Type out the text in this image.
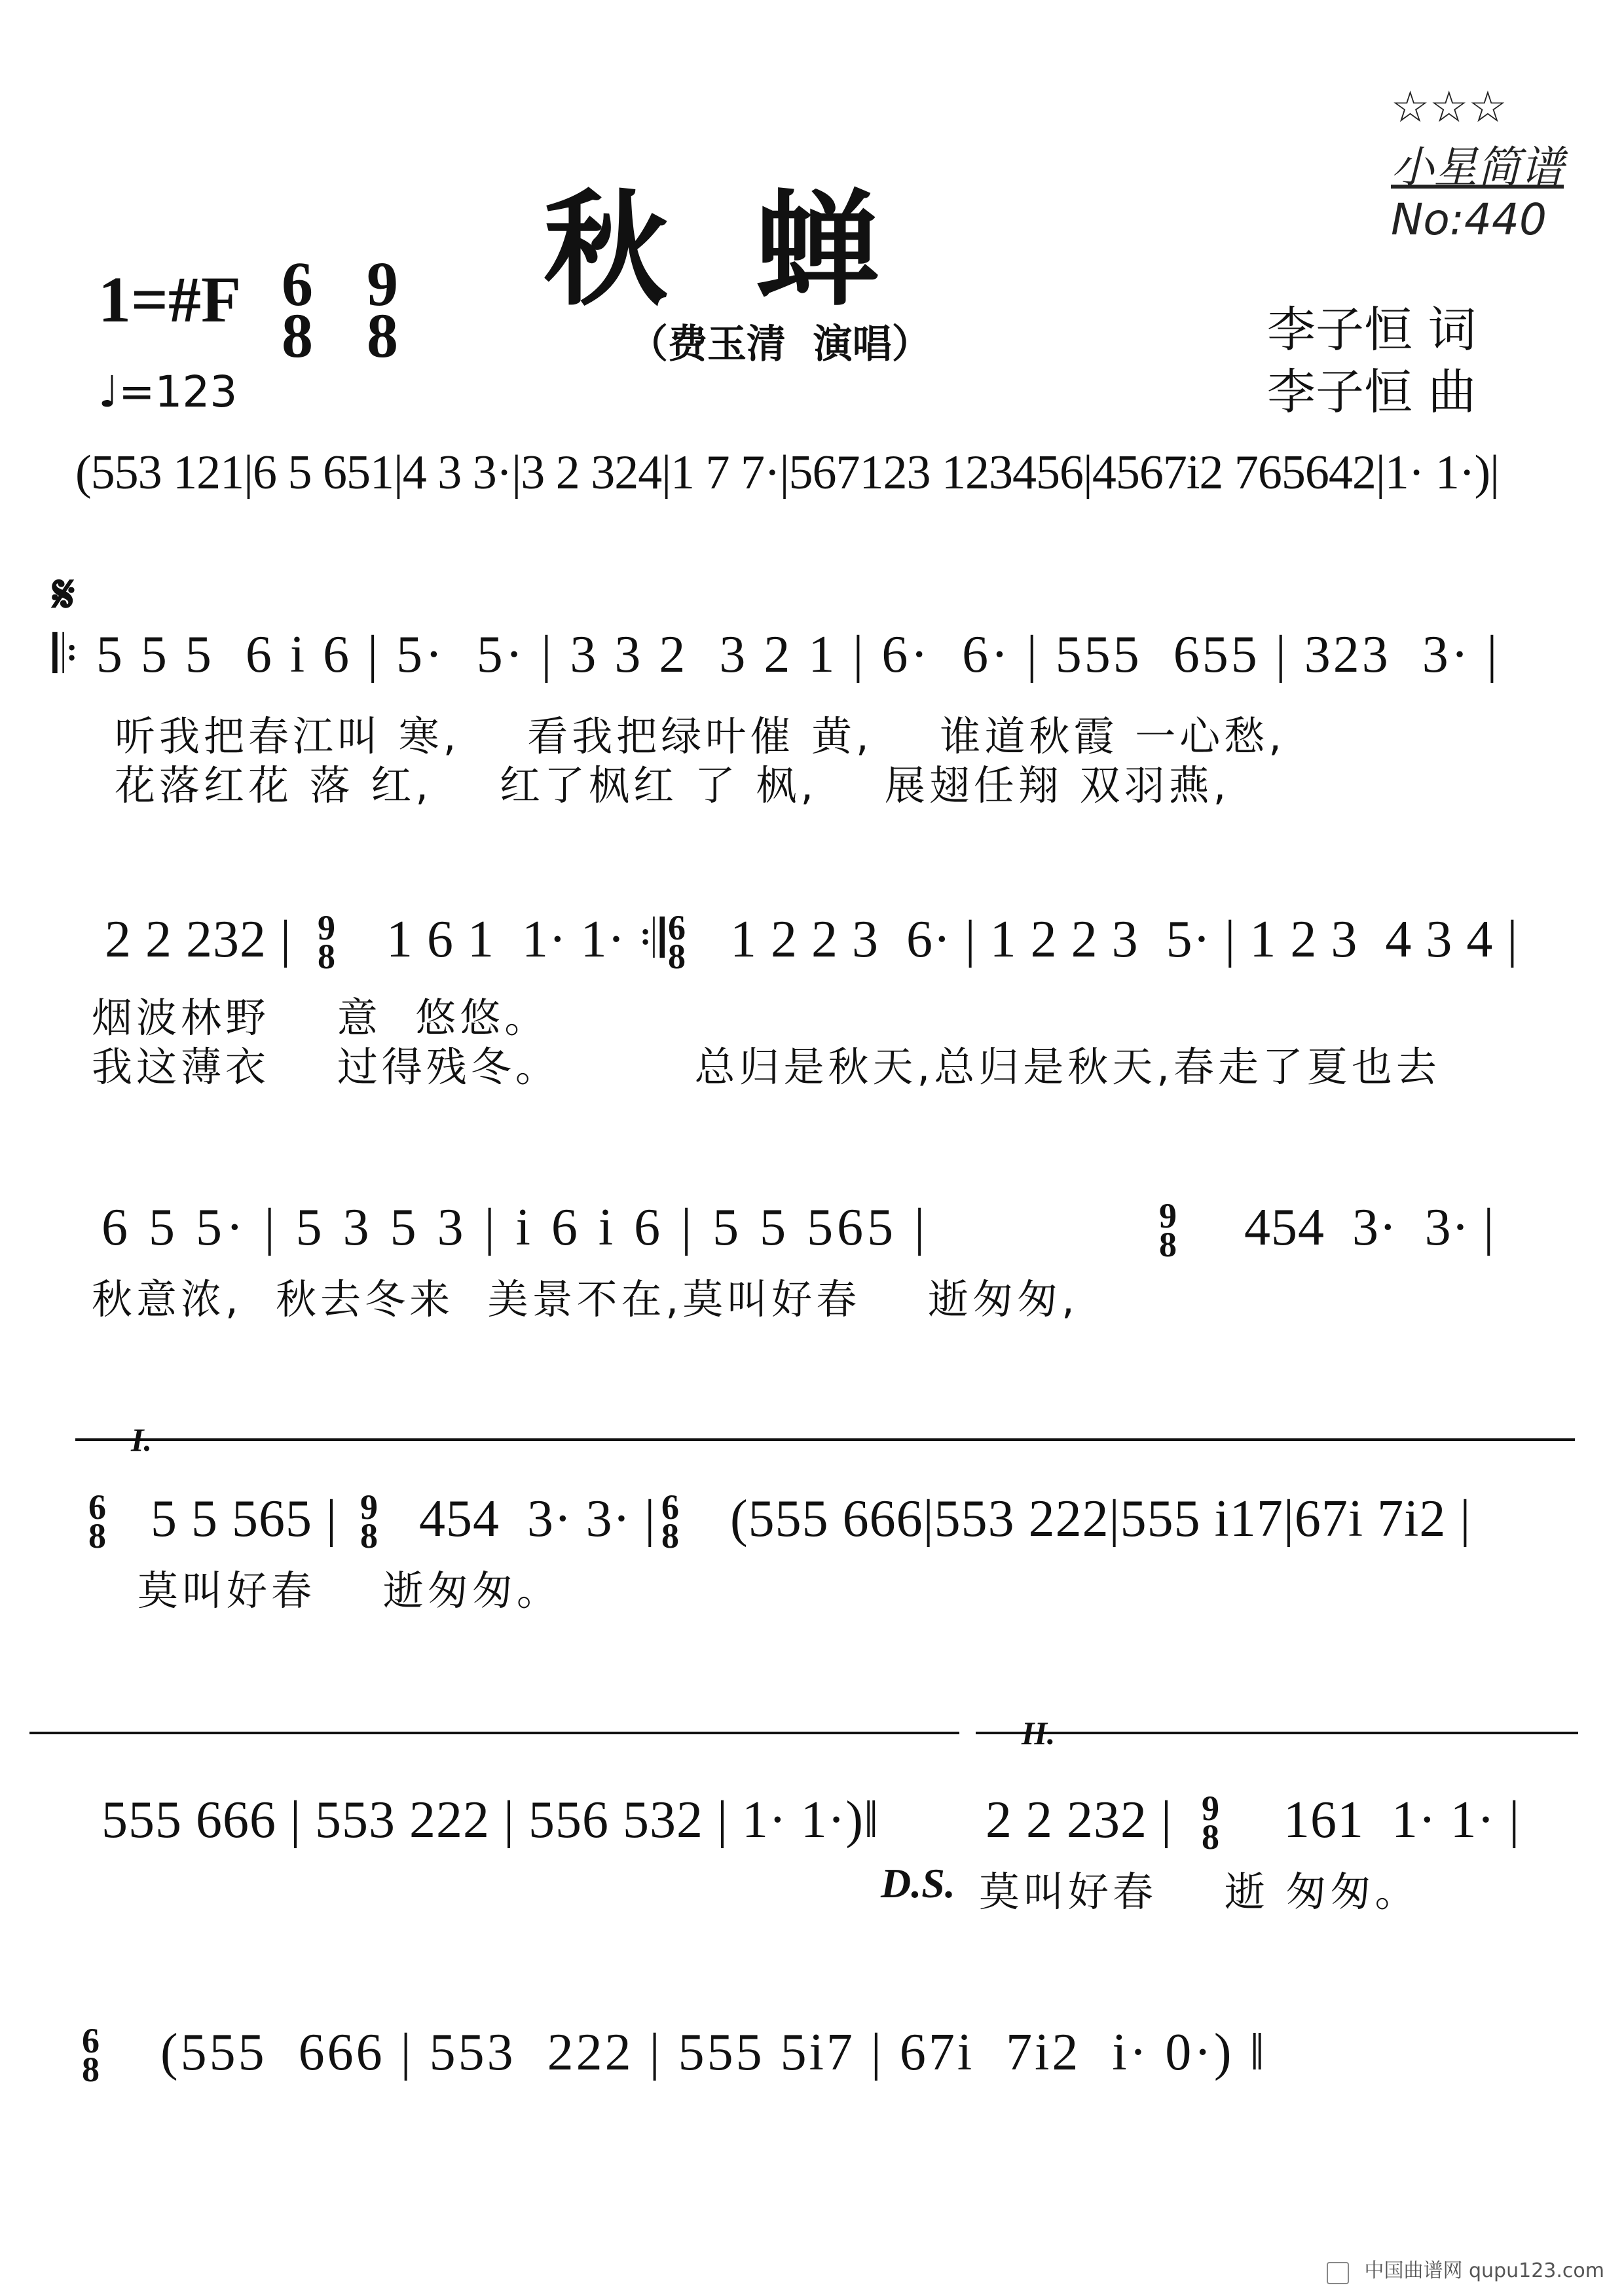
☆☆☆
小星简谱
No:440

秋  蝉
（费玉清  演唱）	李子恒 词
李子恒 曲
1=#F 6
8
9
8
♩=123
(553 121|6 5 651|4 3 3·|3 2 324|1 7 7·|567123 123456|4567i2 765642|1· 1·)|
𝄋
𝄆 5 5 5  6 i 6 | 5·  5· | 3 3 2  3 2 1 | 6·  6· | 555  655 | 323  3· |
听我把春江叫 寒,    看我把绿叶催 黄,    谁道秋霞 一心愁,
花落红花 落 红,    红了枫红 了 枫,    展翅任翔 双羽燕,
2 2 232 | 9
8 1 6 1  1· 1· 𝄇 6
8 1 2 2 3  6· | 1 2 2 3  5· | 1 2 3  4 3 4 |
烟波林野    意  悠悠。
我这薄衣    过得残冬。        总归是秋天,总归是秋天,春走了夏也去
6 5 5· | 5 3 5 3 | i 6 i 6 | 5 5 565 |	9
8 454  3·  3· |
秋意浓,  秋去冬来  美景不在,莫叫好春    逝匆匆,
I.
6
8 5 5 565 | 9
8 454  3· 3· | 6
8 (555 666|553 222|555 i17|67i 7i2 |
莫叫好春    逝匆匆。
II.
555 666 | 553 222 | 556 532 | 1· 1·)‖ 2 2 232 | 9
8 161  1· 1· |
D.S. 莫叫好春    逝 匆匆。
6
8 (555  666 | 553  222 | 555 5i7 | 67i  7i2  i· 0·) ‖
中国曲谱网 qupu123.com
